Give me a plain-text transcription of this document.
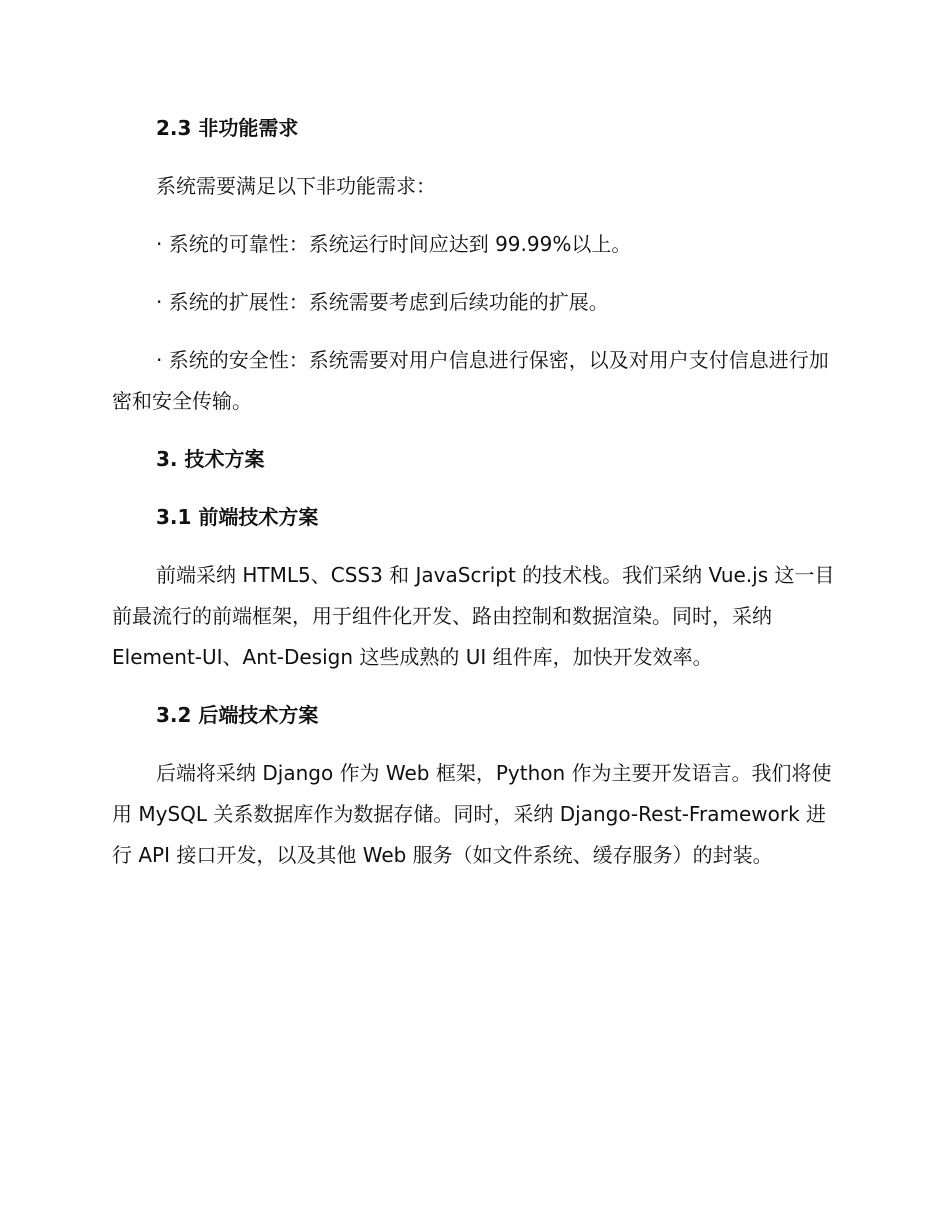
2.3 非功能需求
系统需要满足以下非功能需求：
· 系统的可靠性：系统运行时间应达到 99.99%以上。
· 系统的扩展性：系统需要考虑到后续功能的扩展。
· 系统的安全性：系统需要对用户信息进行保密，以及对用户支付信息进行加密和安全传输。
3. 技术方案
3.1 前端技术方案
前端采纳 HTML5、CSS3 和 JavaScript 的技术栈。我们采纳 Vue.js 这一目前最流行的前端框架，用于组件化开发、路由控制和数据渲染。同时，采纳 Element-UI、Ant-Design 这些成熟的 UI 组件库，加快开发效率。
3.2 后端技术方案
后端将采纳 Django 作为 Web 框架，Python 作为主要开发语言。我们将使用 MySQL 关系数据库作为数据存储。同时，采纳 Django-Rest-Framework 进行 API 接口开发，以及其他 Web 服务（如文件系统、缓存服务）的封装。
